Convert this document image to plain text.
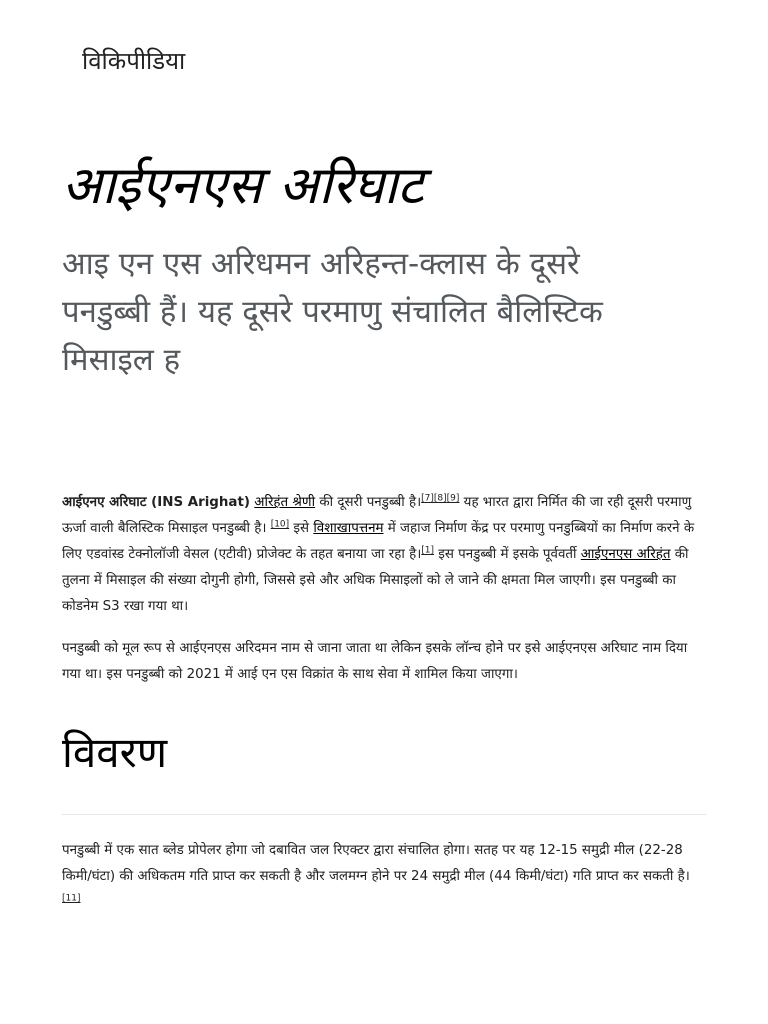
विकिपीडिया
आईएनएस अरिघाट
आइ एन एस अरिधमन अरिहन्त-क्लास के दूसरे पनडुब्बी हैं। यह दूसरे परमाणु संचालित बैलिस्टिक मिसाइल ह

आईएनए अरिघाट (INS Arighat) अरिहंत श्रेणी की दूसरी पनडुब्बी है।[7][8][9] यह भारत द्वारा निर्मित की जा रही दूसरी परमाणु ऊर्जा वाली बैलिस्टिक मिसाइल पनडुब्बी है। [10] इसे विशाखापत्तनम में जहाज निर्माण केंद्र पर परमाणु पनडुब्बियों का निर्माण करने के लिए एडवांस्ड टेक्नोलॉजी वेसल (एटीवी) प्रोजेक्ट के तहत बनाया जा रहा है।[1] इस पनडुब्बी में इसके पूर्ववर्ती आईएनएस अरिहंत की तुलना में मिसाइल की संख्या दोगुनी होगी, जिससे इसे और अधिक मिसाइलों को ले जाने की क्षमता मिल जाएगी। इस पनडुब्बी का कोडनेम S3 रखा गया था।

पनडुब्बी को मूल रूप से आईएनएस अरिदमन नाम से जाना जाता था लेकिन इसके लॉन्च होने पर इसे आईएनएस अरिघाट नाम दिया गया था। इस पनडुब्बी को 2021 में आई एन एस विक्रांत के साथ सेवा में शामिल किया जाएगा।

विवरण

पनडुब्बी में एक सात ब्लेड प्रोपेलर होगा जो दबावित जल रिएक्टर द्वारा संचालित होगा। सतह पर यह 12-15 समुद्री मील (22-28 किमी/घंटा) की अधिकतम गति प्राप्त कर सकती है और जलमग्न होने पर 24 समुद्री मील (44 किमी/घंटा) गति प्राप्त कर सकती है।[11]
